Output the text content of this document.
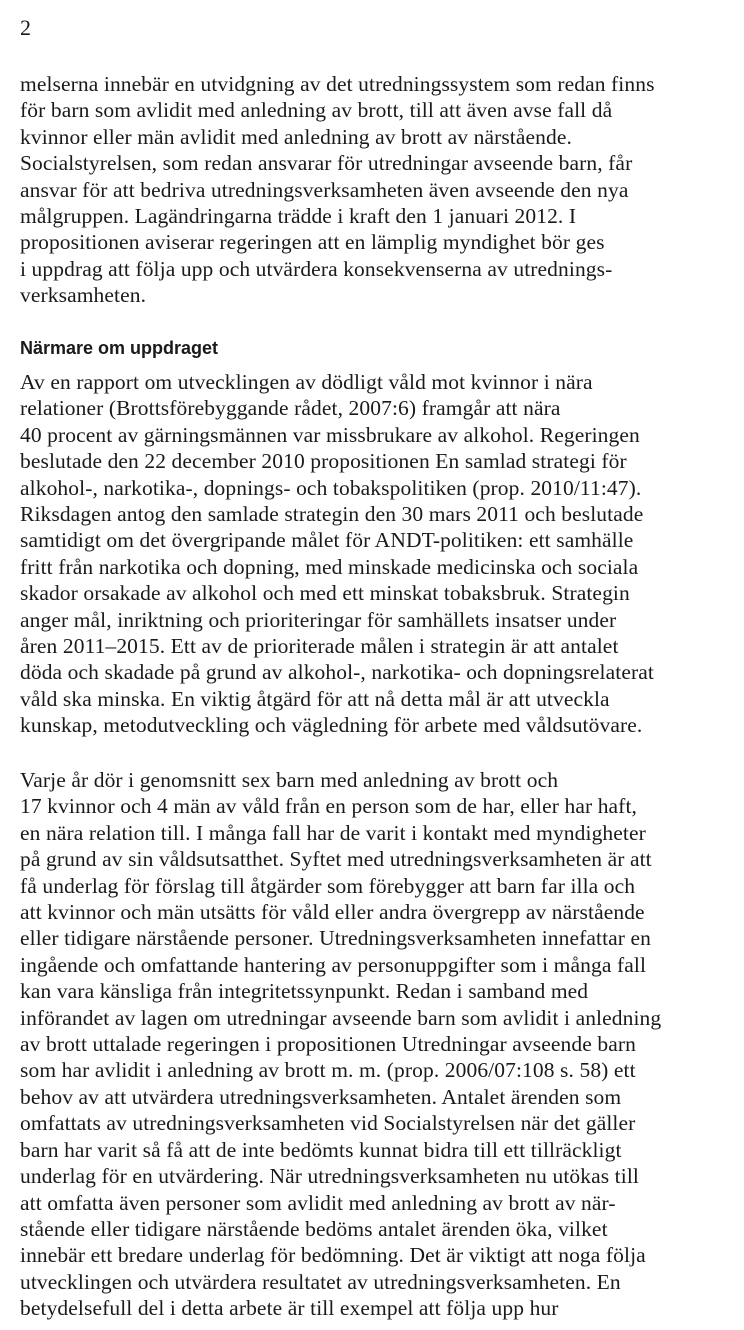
2
melserna innebär en utvidgning av det utredningssystem som redan finns
för barn som avlidit med anledning av brott, till att även avse fall då
kvinnor eller män avlidit med anledning av brott av närstående.
Socialstyrelsen, som redan ansvarar för utredningar avseende barn, får
ansvar för att bedriva utredningsverksamheten även avseende den nya
målgruppen. Lagändringarna trädde i kraft den 1 januari 2012. I
propositionen aviserar regeringen att en lämplig myndighet bör ges
i uppdrag att följa upp och utvärdera konsekvenserna av utrednings-
verksamheten.
Närmare om uppdraget
Av en rapport om utvecklingen av dödligt våld mot kvinnor i nära
relationer (Brottsförebyggande rådet, 2007:6) framgår att nära
40 procent av gärningsmännen var missbrukare av alkohol. Regeringen
beslutade den 22 december 2010 propositionen En samlad strategi för
alkohol-, narkotika-, dopnings- och tobakspolitiken (prop. 2010/11:47).
Riksdagen antog den samlade strategin den 30 mars 2011 och beslutade
samtidigt om det övergripande målet för ANDT-politiken: ett samhälle
fritt från narkotika och dopning, med minskade medicinska och sociala
skador orsakade av alkohol och med ett minskat tobaksbruk. Strategin
anger mål, inriktning och prioriteringar för samhällets insatser under
åren 2011–2015. Ett av de prioriterade målen i strategin är att antalet
döda och skadade på grund av alkohol-, narkotika- och dopningsrelaterat
våld ska minska. En viktig åtgärd för att nå detta mål är att utveckla
kunskap, metodutveckling och vägledning för arbete med våldsutövare.
Varje år dör i genomsnitt sex barn med anledning av brott och
17 kvinnor och 4 män av våld från en person som de har, eller har haft,
en nära relation till. I många fall har de varit i kontakt med myndigheter
på grund av sin våldsutsatthet. Syftet med utredningsverksamheten är att
få underlag för förslag till åtgärder som förebygger att barn far illa och
att kvinnor och män utsätts för våld eller andra övergrepp av närstående
eller tidigare närstående personer. Utredningsverksamheten innefattar en
ingående och omfattande hantering av personuppgifter som i många fall
kan vara känsliga från integritetssynpunkt. Redan i samband med
införandet av lagen om utredningar avseende barn som avlidit i anledning
av brott uttalade regeringen i propositionen Utredningar avseende barn
som har avlidit i anledning av brott m. m. (prop. 2006/07:108 s. 58) ett
behov av att utvärdera utredningsverksamheten. Antalet ärenden som
omfattats av utredningsverksamheten vid Socialstyrelsen när det gäller
barn har varit så få att de inte bedömts kunnat bidra till ett tillräckligt
underlag för en utvärdering. När utredningsverksamheten nu utökas till
att omfatta även personer som avlidit med anledning av brott av när-
stående eller tidigare närstående bedöms antalet ärenden öka, vilket
innebär ett bredare underlag för bedömning. Det är viktigt att noga följa
utvecklingen och utvärdera resultatet av utredningsverksamheten. En
betydelsefull del i detta arbete är till exempel att följa upp hur
